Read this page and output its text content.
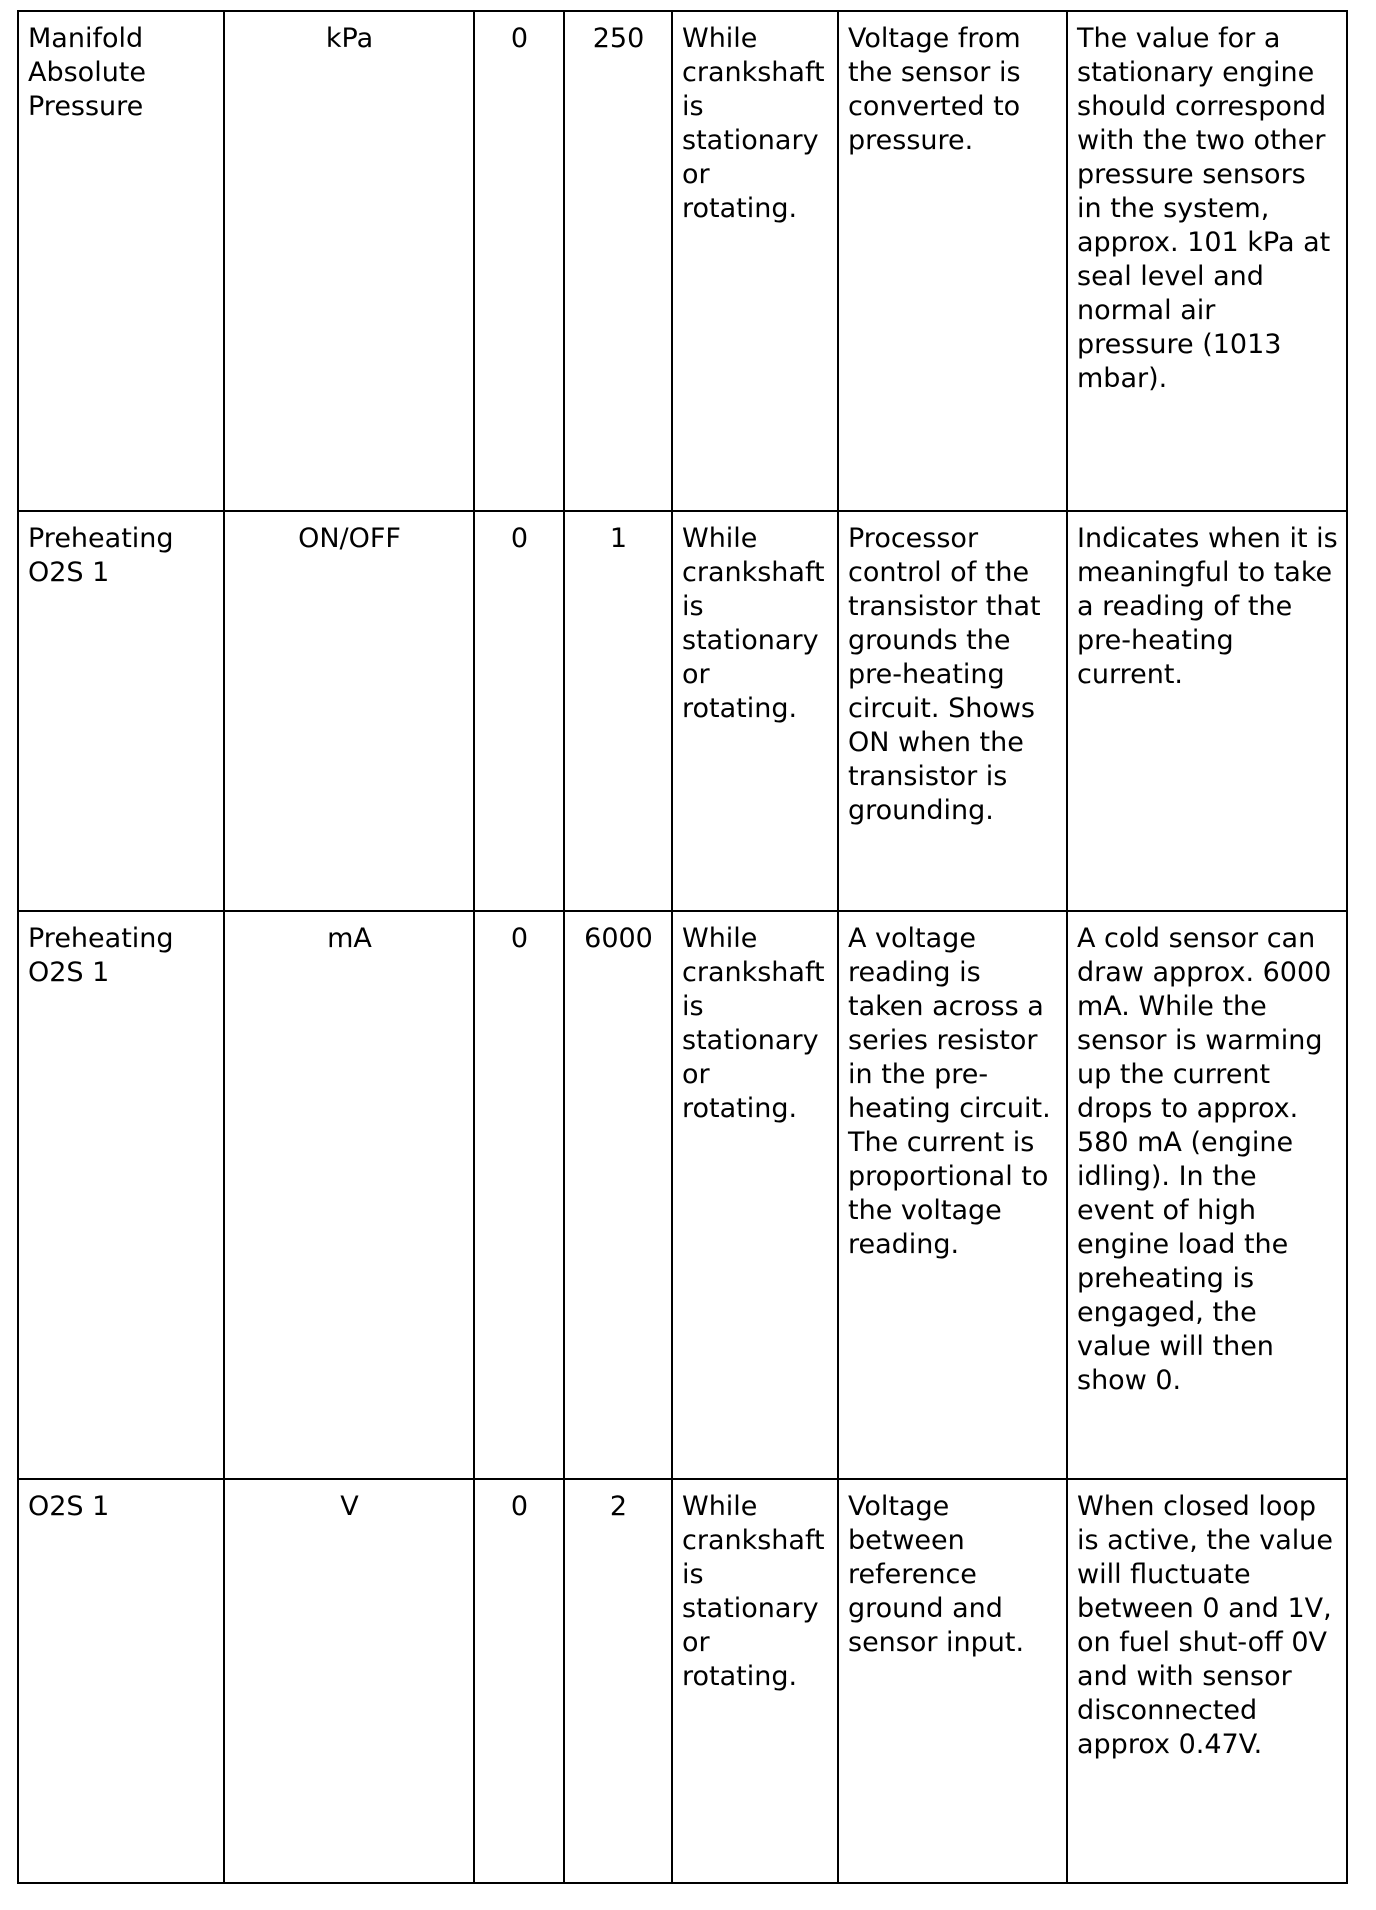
Manifold Absolute Pressure	kPa	0	250	While crankshaft is stationary or rotating.	Voltage from the sensor is converted to pressure.	The value for a stationary engine should correspond with the two other pressure sensors in the system, approx. 101 kPa at seal level and normal air pressure (1013 mbar).
Preheating O2S 1	ON/OFF	0	1	While crankshaft is stationary or rotating.	Processor control of the transistor that grounds the pre-heating circuit. Shows ON when the transistor is grounding.	Indicates when it is meaningful to take a reading of the pre-heating current.
Preheating O2S 1	mA	0	6000	While crankshaft is stationary or rotating.	A voltage reading is taken across a series resistor in the pre-heating circuit. The current is proportional to the voltage reading.	A cold sensor can draw approx. 6000 mA. While the sensor is warming up the current drops to approx. 580 mA (engine idling). In the event of high engine load the preheating is engaged, the value will then show 0.
O2S 1	V	0	2	While crankshaft is stationary or rotating.	Voltage between reference ground and sensor input.	When closed loop is active, the value will fluctuate between 0 and 1V, on fuel shut-off 0V and with sensor disconnected approx 0.47V.
